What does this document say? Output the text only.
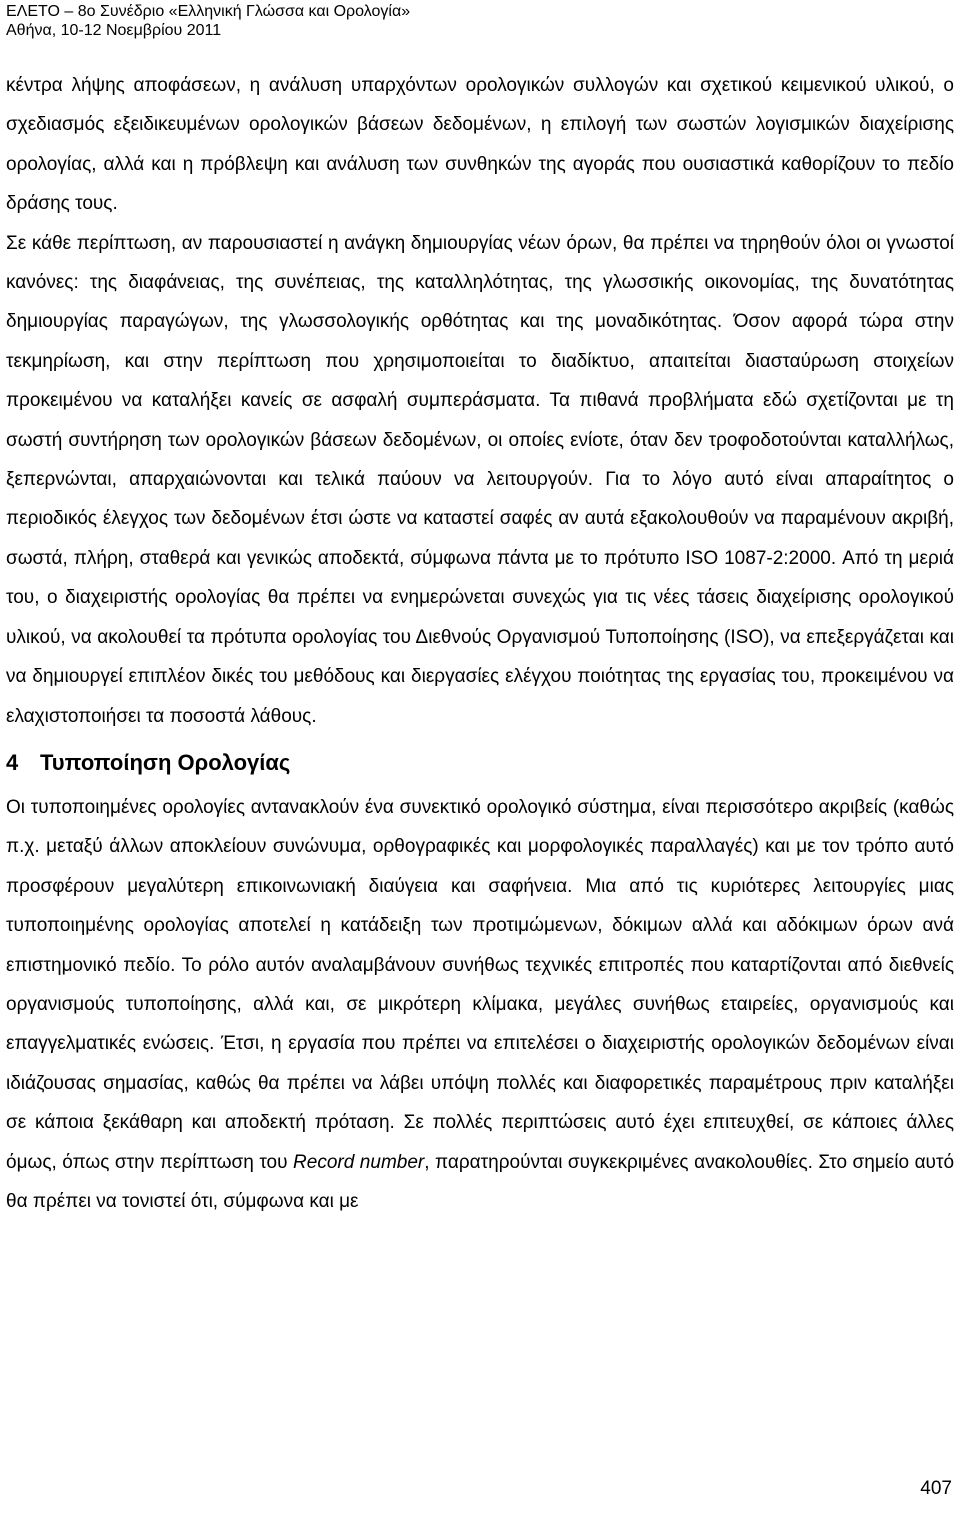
ΕΛΕΤΟ – 8ο Συνέδριο «Ελληνική Γλώσσα και Ορολογία»
Αθήνα, 10-12 Νοεμβρίου 2011

κέντρα λήψης αποφάσεων, η ανάλυση υπαρχόντων ορολογικών συλλογών και σχετικού κειμενικού υλικού, ο σχεδιασμός εξειδικευμένων ορολογικών βάσεων δεδομένων, η επιλογή των σωστών λογισμικών διαχείρισης ορολογίας, αλλά και η πρόβλεψη και ανάλυση των συνθηκών της αγοράς που ουσιαστικά καθορίζουν το πεδίο δράσης τους.

Σε κάθε περίπτωση, αν παρουσιαστεί η ανάγκη δημιουργίας νέων όρων, θα πρέπει να τηρηθούν όλοι οι γνωστοί κανόνες: της διαφάνειας, της συνέπειας, της καταλληλότητας, της γλωσσικής οικονομίας, της δυνατότητας δημιουργίας παραγώγων, της γλωσσολογικής ορθότητας και της μοναδικότητας. Όσον αφορά τώρα στην τεκμηρίωση, και στην περίπτωση που χρησιμοποιείται το διαδίκτυο, απαιτείται διασταύρωση στοιχείων προκειμένου να καταλήξει κανείς σε ασφαλή συμπεράσματα. Τα πιθανά προβλήματα εδώ σχετίζονται με τη σωστή συντήρηση των ορολογικών βάσεων δεδομένων, οι οποίες ενίοτε, όταν δεν τροφοδοτούνται καταλλήλως, ξεπερνώνται, απαρχαιώνονται και τελικά παύουν να λειτουργούν. Για το λόγο αυτό είναι απαραίτητος ο περιοδικός έλεγχος των δεδομένων έτσι ώστε να καταστεί σαφές αν αυτά εξακολουθούν να παραμένουν ακριβή, σωστά, πλήρη, σταθερά και γενικώς αποδεκτά, σύμφωνα πάντα με το πρότυπο ISO 1087-2:2000. Από τη μεριά του, ο διαχειριστής ορολογίας θα πρέπει να ενημερώνεται συνεχώς για τις νέες τάσεις διαχείρισης ορολογικού υλικού, να ακολουθεί τα πρότυπα ορολογίας του Διεθνούς Οργανισμού Τυποποίησης (ISO), να επεξεργάζεται και να δημιουργεί επιπλέον δικές του μεθόδους και διεργασίες ελέγχου ποιότητας της εργασίας του, προκειμένου να ελαχιστοποιήσει τα ποσοστά λάθους.

4 Τυποποίηση Ορολογίας

Οι τυποποιημένες ορολογίες αντανακλούν ένα συνεκτικό ορολογικό σύστημα, είναι περισσότερο ακριβείς (καθώς π.χ. μεταξύ άλλων αποκλείουν συνώνυμα, ορθογραφικές και μορφολογικές παραλλαγές) και με τον τρόπο αυτό προσφέρουν μεγαλύτερη επικοινωνιακή διαύγεια και σαφήνεια. Μια από τις κυριότερες λειτουργίες μιας τυποποιημένης ορολογίας αποτελεί η κατάδειξη των προτιμώμενων, δόκιμων αλλά και αδόκιμων όρων ανά επιστημονικό πεδίο. Το ρόλο αυτόν αναλαμβάνουν συνήθως τεχνικές επιτροπές που καταρτίζονται από διεθνείς οργανισμούς τυποποίησης, αλλά και, σε μικρότερη κλίμακα, μεγάλες συνήθως εταιρείες, οργανισμούς και επαγγελματικές ενώσεις. Έτσι, η εργασία που πρέπει να επιτελέσει ο διαχειριστής ορολογικών δεδομένων είναι ιδιάζουσας σημασίας, καθώς θα πρέπει να λάβει υπόψη πολλές και διαφορετικές παραμέτρους πριν καταλήξει σε κάποια ξεκάθαρη και αποδεκτή πρόταση. Σε πολλές περιπτώσεις αυτό έχει επιτευχθεί, σε κάποιες άλλες όμως, όπως στην περίπτωση του Record number, παρατηρούνται συγκεκριμένες ανακολουθίες. Στο σημείο αυτό θα πρέπει να τονιστεί ότι, σύμφωνα και με

407
